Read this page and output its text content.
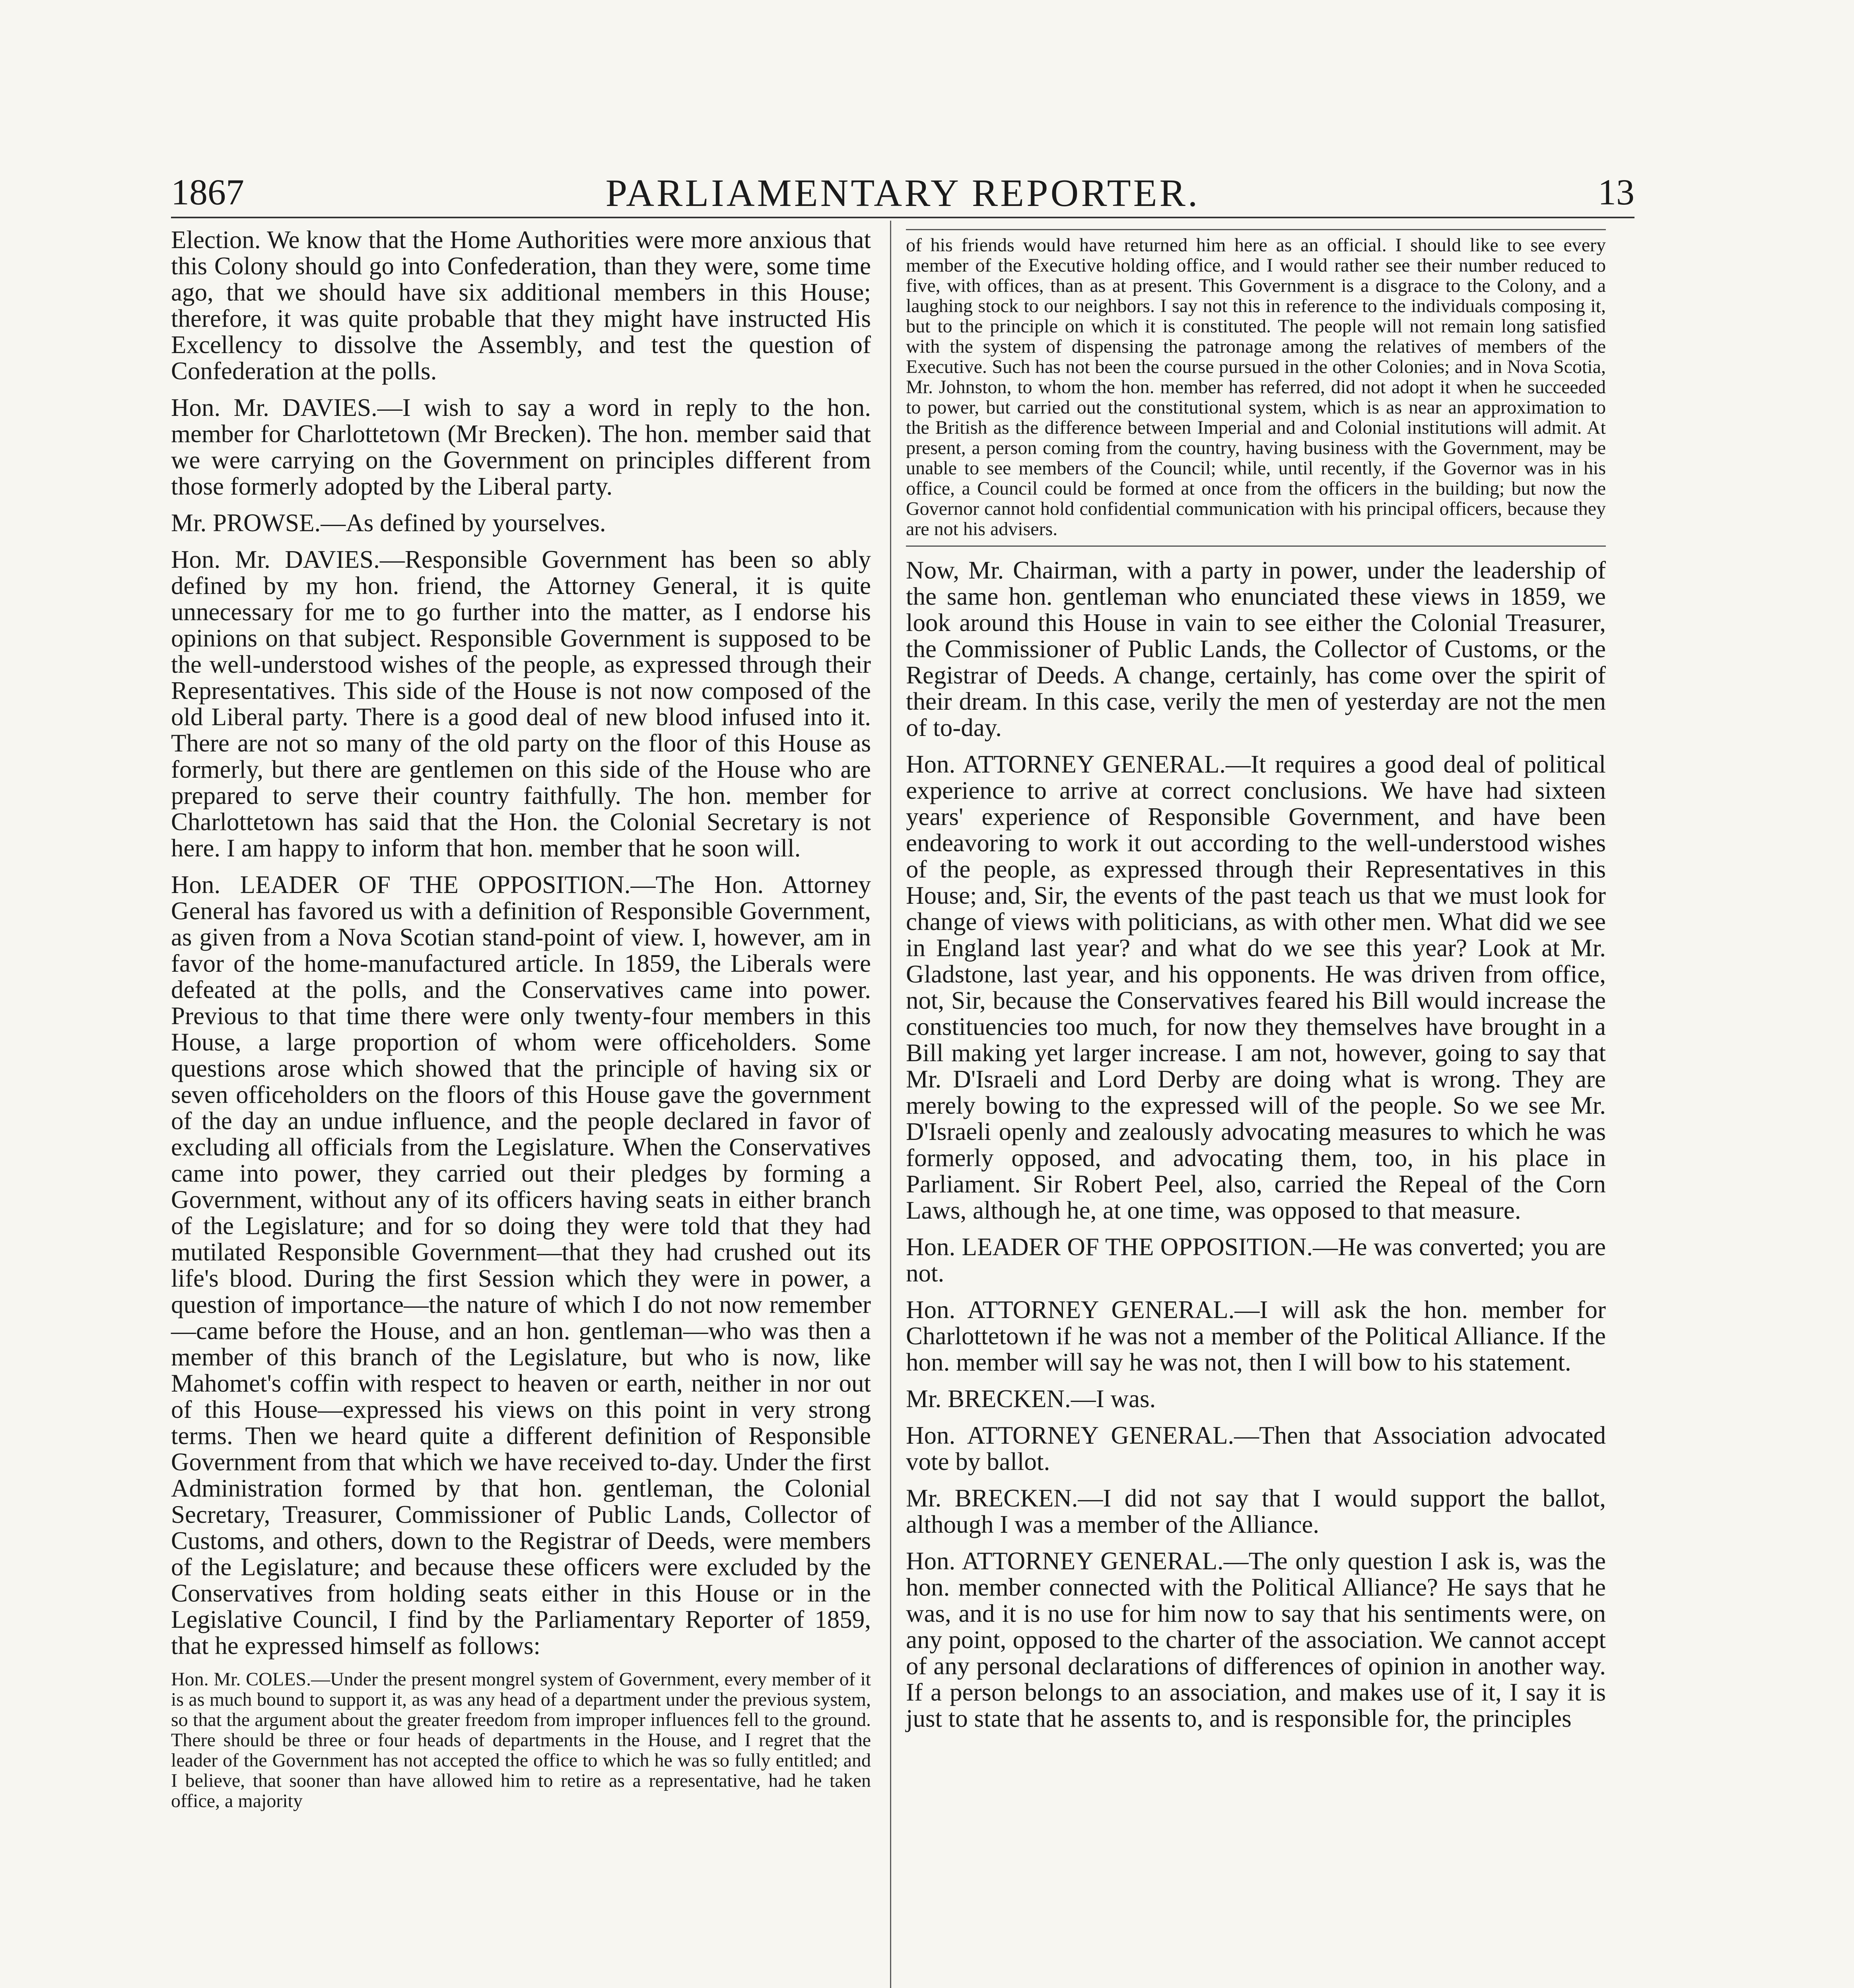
1867	PARLIAMENTARY REPORTER.	13

Election. We know that the Home Authorities were more anxious that this Colony should go into Confederation, than they were, some time ago, that we should have six additional members in this House; therefore, it was quite probable that they might have instructed His Excellency to dissolve the Assembly, and test the question of Confederation at the polls.

Hon. Mr. DAVIES.—I wish to say a word in reply to the hon. member for Charlottetown (Mr Brecken). The hon. member said that we were carrying on the Government on principles different from those formerly adopted by the Liberal party.

Mr. PROWSE.—As defined by yourselves.

Hon. Mr. DAVIES.—Responsible Government has been so ably defined by my hon. friend, the Attorney General, it is quite unnecessary for me to go further into the matter, as I endorse his opinions on that subject. Responsible Government is supposed to be the well-understood wishes of the people, as expressed through their Representatives. This side of the House is not now composed of the old Liberal party. There is a good deal of new blood infused into it. There are not so many of the old party on the floor of this House as formerly, but there are gentlemen on this side of the House who are prepared to serve their country faithfully. The hon. member for Charlottetown has said that the Hon. the Colonial Secretary is not here. I am happy to inform that hon. member that he soon will.

Hon. LEADER OF THE OPPOSITION.—The Hon. Attorney General has favored us with a definition of Responsible Government, as given from a Nova Scotian stand-point of view. I, however, am in favor of the home-manufactured article. In 1859, the Liberals were defeated at the polls, and the Conservatives came into power. Previous to that time there were only twenty-four members in this House, a large proportion of whom were officeholders. Some questions arose which showed that the principle of having six or seven officeholders on the floors of this House gave the government of the day an undue influence, and the people declared in favor of excluding all officials from the Legislature. When the Conservatives came into power, they carried out their pledges by forming a Government, without any of its officers having seats in either branch of the Legislature; and for so doing they were told that they had mutilated Responsible Government—that they had crushed out its life's blood. During the first Session which they were in power, a question of importance—the nature of which I do not now remember—came before the House, and an hon. gentleman—who was then a member of this branch of the Legislature, but who is now, like Mahomet's coffin with respect to heaven or earth, neither in nor out of this House—expressed his views on this point in very strong terms. Then we heard quite a different definition of Responsible Government from that which we have received to-day. Under the first Administration formed by that hon. gentleman, the Colonial Secretary, Treasurer, Commissioner of Public Lands, Collector of Customs, and others, down to the Registrar of Deeds, were members of the Legislature; and because these officers were excluded by the Conservatives from holding seats either in this House or in the Legislative Council, I find by the Parliamentary Reporter of 1859, that he expressed himself as follows:

Hon. Mr. COLES.—Under the present mongrel system of Government, every member of it is as much bound to support it, as was any head of a department under the previous system, so that the argument about the greater freedom from improper influences fell to the ground. There should be three or four heads of departments in the House, and I regret that the leader of the Government has not accepted the office to which he was so fully entitled; and I believe, that sooner than have allowed him to retire as a representative, had he taken office, a majority

of his friends would have returned him here as an official. I should like to see every member of the Executive holding office, and I would rather see their number reduced to five, with offices, than as at present. This Government is a disgrace to the Colony, and a laughing stock to our neighbors. I say not this in reference to the individuals composing it, but to the principle on which it is constituted. The people will not remain long satisfied with the system of dispensing the patronage among the relatives of members of the Executive. Such has not been the course pursued in the other Colonies; and in Nova Scotia, Mr. Johnston, to whom the hon. member has referred, did not adopt it when he succeeded to power, but carried out the constitutional system, which is as near an approximation to the British as the difference between Imperial and and Colonial institutions will admit. At present, a person coming from the country, having business with the Government, may be unable to see members of the Council; while, until recently, if the Governor was in his office, a Council could be formed at once from the officers in the building; but now the Governor cannot hold confidential communication with his principal officers, because they are not his advisers.

Now, Mr. Chairman, with a party in power, under the leadership of the same hon. gentleman who enunciated these views in 1859, we look around this House in vain to see either the Colonial Treasurer, the Commissioner of Public Lands, the Collector of Customs, or the Registrar of Deeds. A change, certainly, has come over the spirit of their dream. In this case, verily the men of yesterday are not the men of to-day.

Hon. ATTORNEY GENERAL.—It requires a good deal of political experience to arrive at correct conclusions. We have had sixteen years' experience of Responsible Government, and have been endeavoring to work it out according to the well-understood wishes of the people, as expressed through their Representatives in this House; and, Sir, the events of the past teach us that we must look for change of views with politicians, as with other men. What did we see in England last year? and what do we see this year? Look at Mr. Gladstone, last year, and his opponents. He was driven from office, not, Sir, because the Conservatives feared his Bill would increase the constituencies too much, for now they themselves have brought in a Bill making yet larger increase. I am not, however, going to say that Mr. D'Israeli and Lord Derby are doing what is wrong. They are merely bowing to the expressed will of the people. So we see Mr. D'Israeli openly and zealously advocating measures to which he was formerly opposed, and advocating them, too, in his place in Parliament. Sir Robert Peel, also, carried the Repeal of the Corn Laws, although he, at one time, was opposed to that measure.

Hon. LEADER OF THE OPPOSITION.—He was converted; you are not.

Hon. ATTORNEY GENERAL.—I will ask the hon. member for Charlottetown if he was not a member of the Political Alliance. If the hon. member will say he was not, then I will bow to his statement.

Mr. BRECKEN.—I was.

Hon. ATTORNEY GENERAL.—Then that Association advocated vote by ballot.

Mr. BRECKEN.—I did not say that I would support the ballot, although I was a member of the Alliance.

Hon. ATTORNEY GENERAL.—The only question I ask is, was the hon. member connected with the Political Alliance? He says that he was, and it is no use for him now to say that his sentiments were, on any point, opposed to the charter of the association. We cannot accept of any personal declarations of differences of opinion in another way. If a person belongs to an association, and makes use of it, I say it is just to state that he assents to, and is responsible for, the principles
